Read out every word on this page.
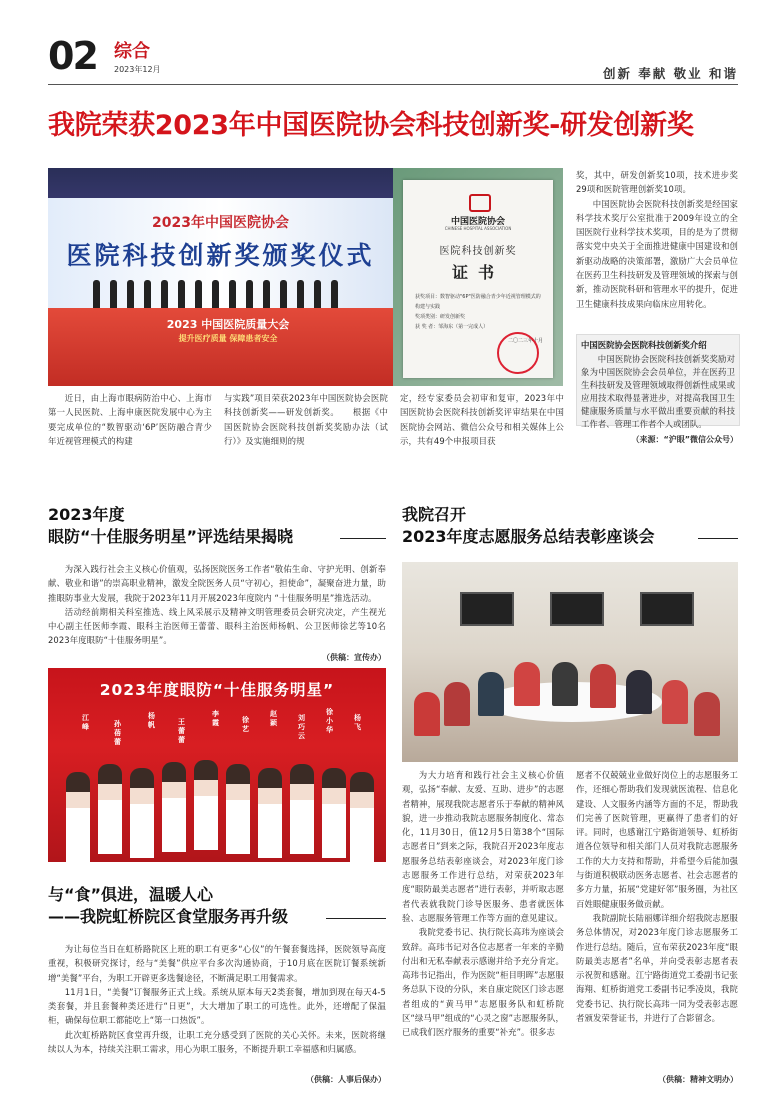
02 综合
2023年12月	创新 奉献 敬业 和谐
我院荣获2023年中国医院协会科技创新奖-研发创新奖
2023年中国医院协会
医院科技创新奖颁奖仪式
2023 中国医院质量大会
提升医疗质量 保障患者安全
中国医院协会
CHINESE HOSPITAL ASSOCIATION
医院科技创新奖
证书
获奖项目：数智驱动"6P"医防融合青少年近视管理模式的构建与实践
奖项类别：研发创新奖
获 奖 者：邹海东（第一完成人）
二〇二三年十月

近日，由上海市眼病防治中心、上海市第一人民医院、上海申康医院发展中心为主要完成单位的“数智驱动‘6P’医防融合青少年近视管理模式的构建

与实践”项目荣获2023年中国医院协会医院科技创新奖——研发创新奖。　　根据《中国医院协会医院科技创新奖奖励办法（试行）》及实施细则的规

定，经专家委员会初审和复审，2023年中国医院协会医院科技创新奖评审结果在中国医院协会网站、微信公众号和相关媒体上公示，共有49个申报项目获

奖，其中，研发创新奖10项，技术进步奖29项和医院管理创新奖10项。

中国医院协会医院科技创新奖是经国家科学技术奖厅公室批准于2009年设立的全国医院行业科学技术奖项，目的是为了贯彻落实党中央关于全面推进健康中国建设和创新驱动战略的决策部署，激励广大会员单位在医药卫生科技研发及管理领域的探索与创新，推动医院科研和管理水平的提升，促进卫生健康科技成果向临床应用转化。

中国医院协会医院科技创新奖介绍
中国医院协会医院科技创新奖奖励对象为中国医院协会会员单位，并在医药卫生科技研发及管理领域取得创新性成果或应用技术取得显著进步，对提高我国卫生健康服务质量与水平做出重要贡献的科技工作者、管理工作者个人或团队。
（来源：“沪眼”微信公众号）
2023年度
眼防“十佳服务明星”评选结果揭晓

为深入践行社会主义核心价值观，弘扬医院医务工作者“敬佑生命、守护光明、创新奉献、敬业和谐”的崇高职业精神，激发全院医务人员“守初心，担使命”，凝聚奋进力量，助推眼防事业大发展，我院于2023年11月开展2023年度院内 “十佳服务明星”推选活动。

活动经前期相关科室推选、线上风采展示及精神文明管理委员会研究决定，产生视光中心副主任医师李霞、眼科主治医师王蕾蕾、眼科主治医师杨帆、公卫医师徐艺等10名2023年度眼防“十佳服务明星”。

（供稿：宣传办）
2023年度眼防“十佳服务明星”
江峰	孙蓓蕾
杨帆	王蕾蕾
李霞	徐艺
赵颖
刘巧云
徐小华
杨飞
与“食”俱进，温暖人心
——我院虹桥院区食堂服务再升级

为让每位当日在虹桥路院区上班的职工有更多“心仪”的午餐套餐选择，医院领导高度重视，积极研究探讨，经与“美餐”供应平台多次沟通协商，于10月底在医院订餐系统新增“美餐”平台，为职工开辟更多选餐途径，不断满足职工用餐需求。

11月1日，“美餐”订餐服务正式上线。系统从原本每天2类套餐，增加到现在每天4-5类套餐，并且套餐种类还进行“日更”，大大增加了职工的可选性。此外，还增配了保温柜，确保每位职工都能吃上“第一口热饭”。

此次虹桥路院区食堂再升级，让职工充分感受到了医院的关心关怀。未来，医院将继续以人为本，持续关注职工需求，用心为职工服务，不断提升职工幸福感和归属感。

（供稿：人事后保办）
我院召开
2023年度志愿服务总结表彰座谈会

为大力培育和践行社会主义核心价值观，弘扬“奉献、友爱、互助、进步”的志愿者精神，展现我院志愿者乐于奉献的精神风貌，进一步推动我院志愿服务制度化、常态化，11月30日，值12月5日第38个“国际志愿者日”到来之际，我院召开2023年度志愿服务总结表彰座谈会，对2023年度门诊志愿服务工作进行总结，对荣获2023年度“眼防最美志愿者”进行表彰，并听取志愿者代表就我院门诊导医服务、患者就医体验、志愿服务管理工作等方面的意见建议。

我院党委书记、执行院长高玮为座谈会致辞。高玮书记对各位志愿者一年来的辛勤付出和无私奉献表示感谢并给予充分肯定。高玮书记指出，作为医院“柜目明晖”志愿服务总队下设的分队，来自康定院区门诊志愿者组成的“黄马甲”志愿服务队和虹桥院区“绿马甲”组成的“心灵之窗”志愿服务队，已成我们医疗服务的重要“补充”。很多志

愿者不仅兢兢业业做好岗位上的志愿服务工作，还细心帮助我们发现就医流程、信息化建设、人文服务内涵等方面的不足，帮助我们完善了医院管理，更赢得了患者们的好评。同时，也感谢江宁路街道领导、虹桥街道各位领导和相关部门人员对我院志愿服务工作的大力支持和帮助，并希望今后能加强与街道积极联动医务志愿者、社会志愿者的多方力量，拓展“党建好邻”服务圈，为社区百姓眼健康服务做贡献。

我院副院长陆丽娜详细介绍我院志愿服务总体情况，对2023年度门诊志愿服务工作进行总结。随后，宣布荣获2023年度“眼防最美志愿者”名单，并向受表彰志愿者表示祝贺和感谢。江宁路街道党工委副书记张海翔、虹桥街道党工委副书记季凌岚，我院党委书记、执行院长高玮一同为受表彰志愿者颁发荣誉证书，并进行了合影留念。

（供稿：精神文明办）
